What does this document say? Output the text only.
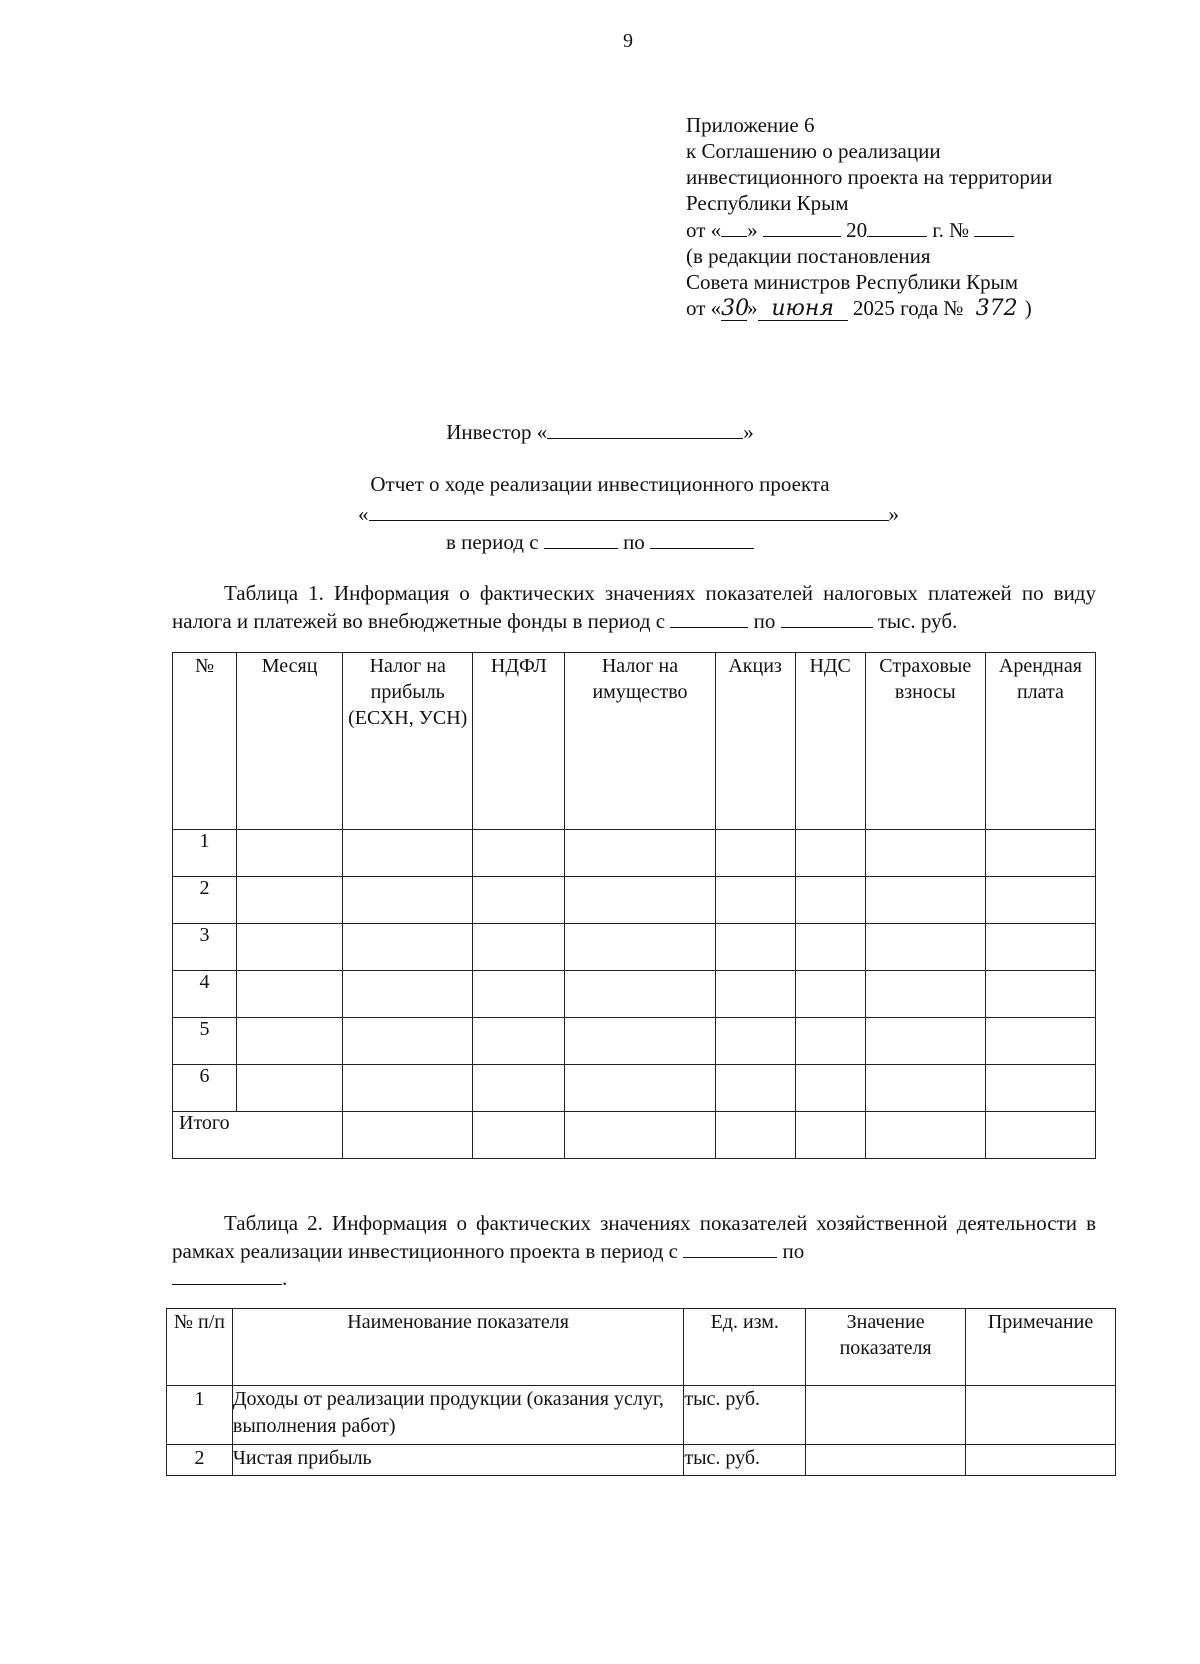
9
Приложение 6
к Соглашению о реализации
инвестиционного проекта на территории
Республики Крым
от « »	20	г. №
(в редакции постановления
Совета министров Республики Крым
от «30» июня 2025 года № 372 )
Инвестор «	»
Отчет о ходе реализации инвестиционного проекта
«	»
в период с	по
Таблица 1. Информация о фактических значениях показателей налоговых платежей по виду налога и платежей во внебюджетные фонды в период с	по	тыс. руб.
№	Месяц	Налог на прибыль (ЕСХН, УСН)	НДФЛ	Налог на имущество	Акциз	НДС	Страховые взносы	Арендная плата
1								
2								
3								
4								
5								
6								
Итого								
Таблица 2. Информация о фактических значениях показателей хозяйственной деятельности в рамках реализации инвестиционного проекта в период с	по
.
№ п/п	Наименование показателя	Ед. изм.	Значение показателя	Примечание
1	Доходы от реализации продукции (оказания услуг, выполнения работ)	тыс. руб.		
2	Чистая прибыль	тыс. руб.		
